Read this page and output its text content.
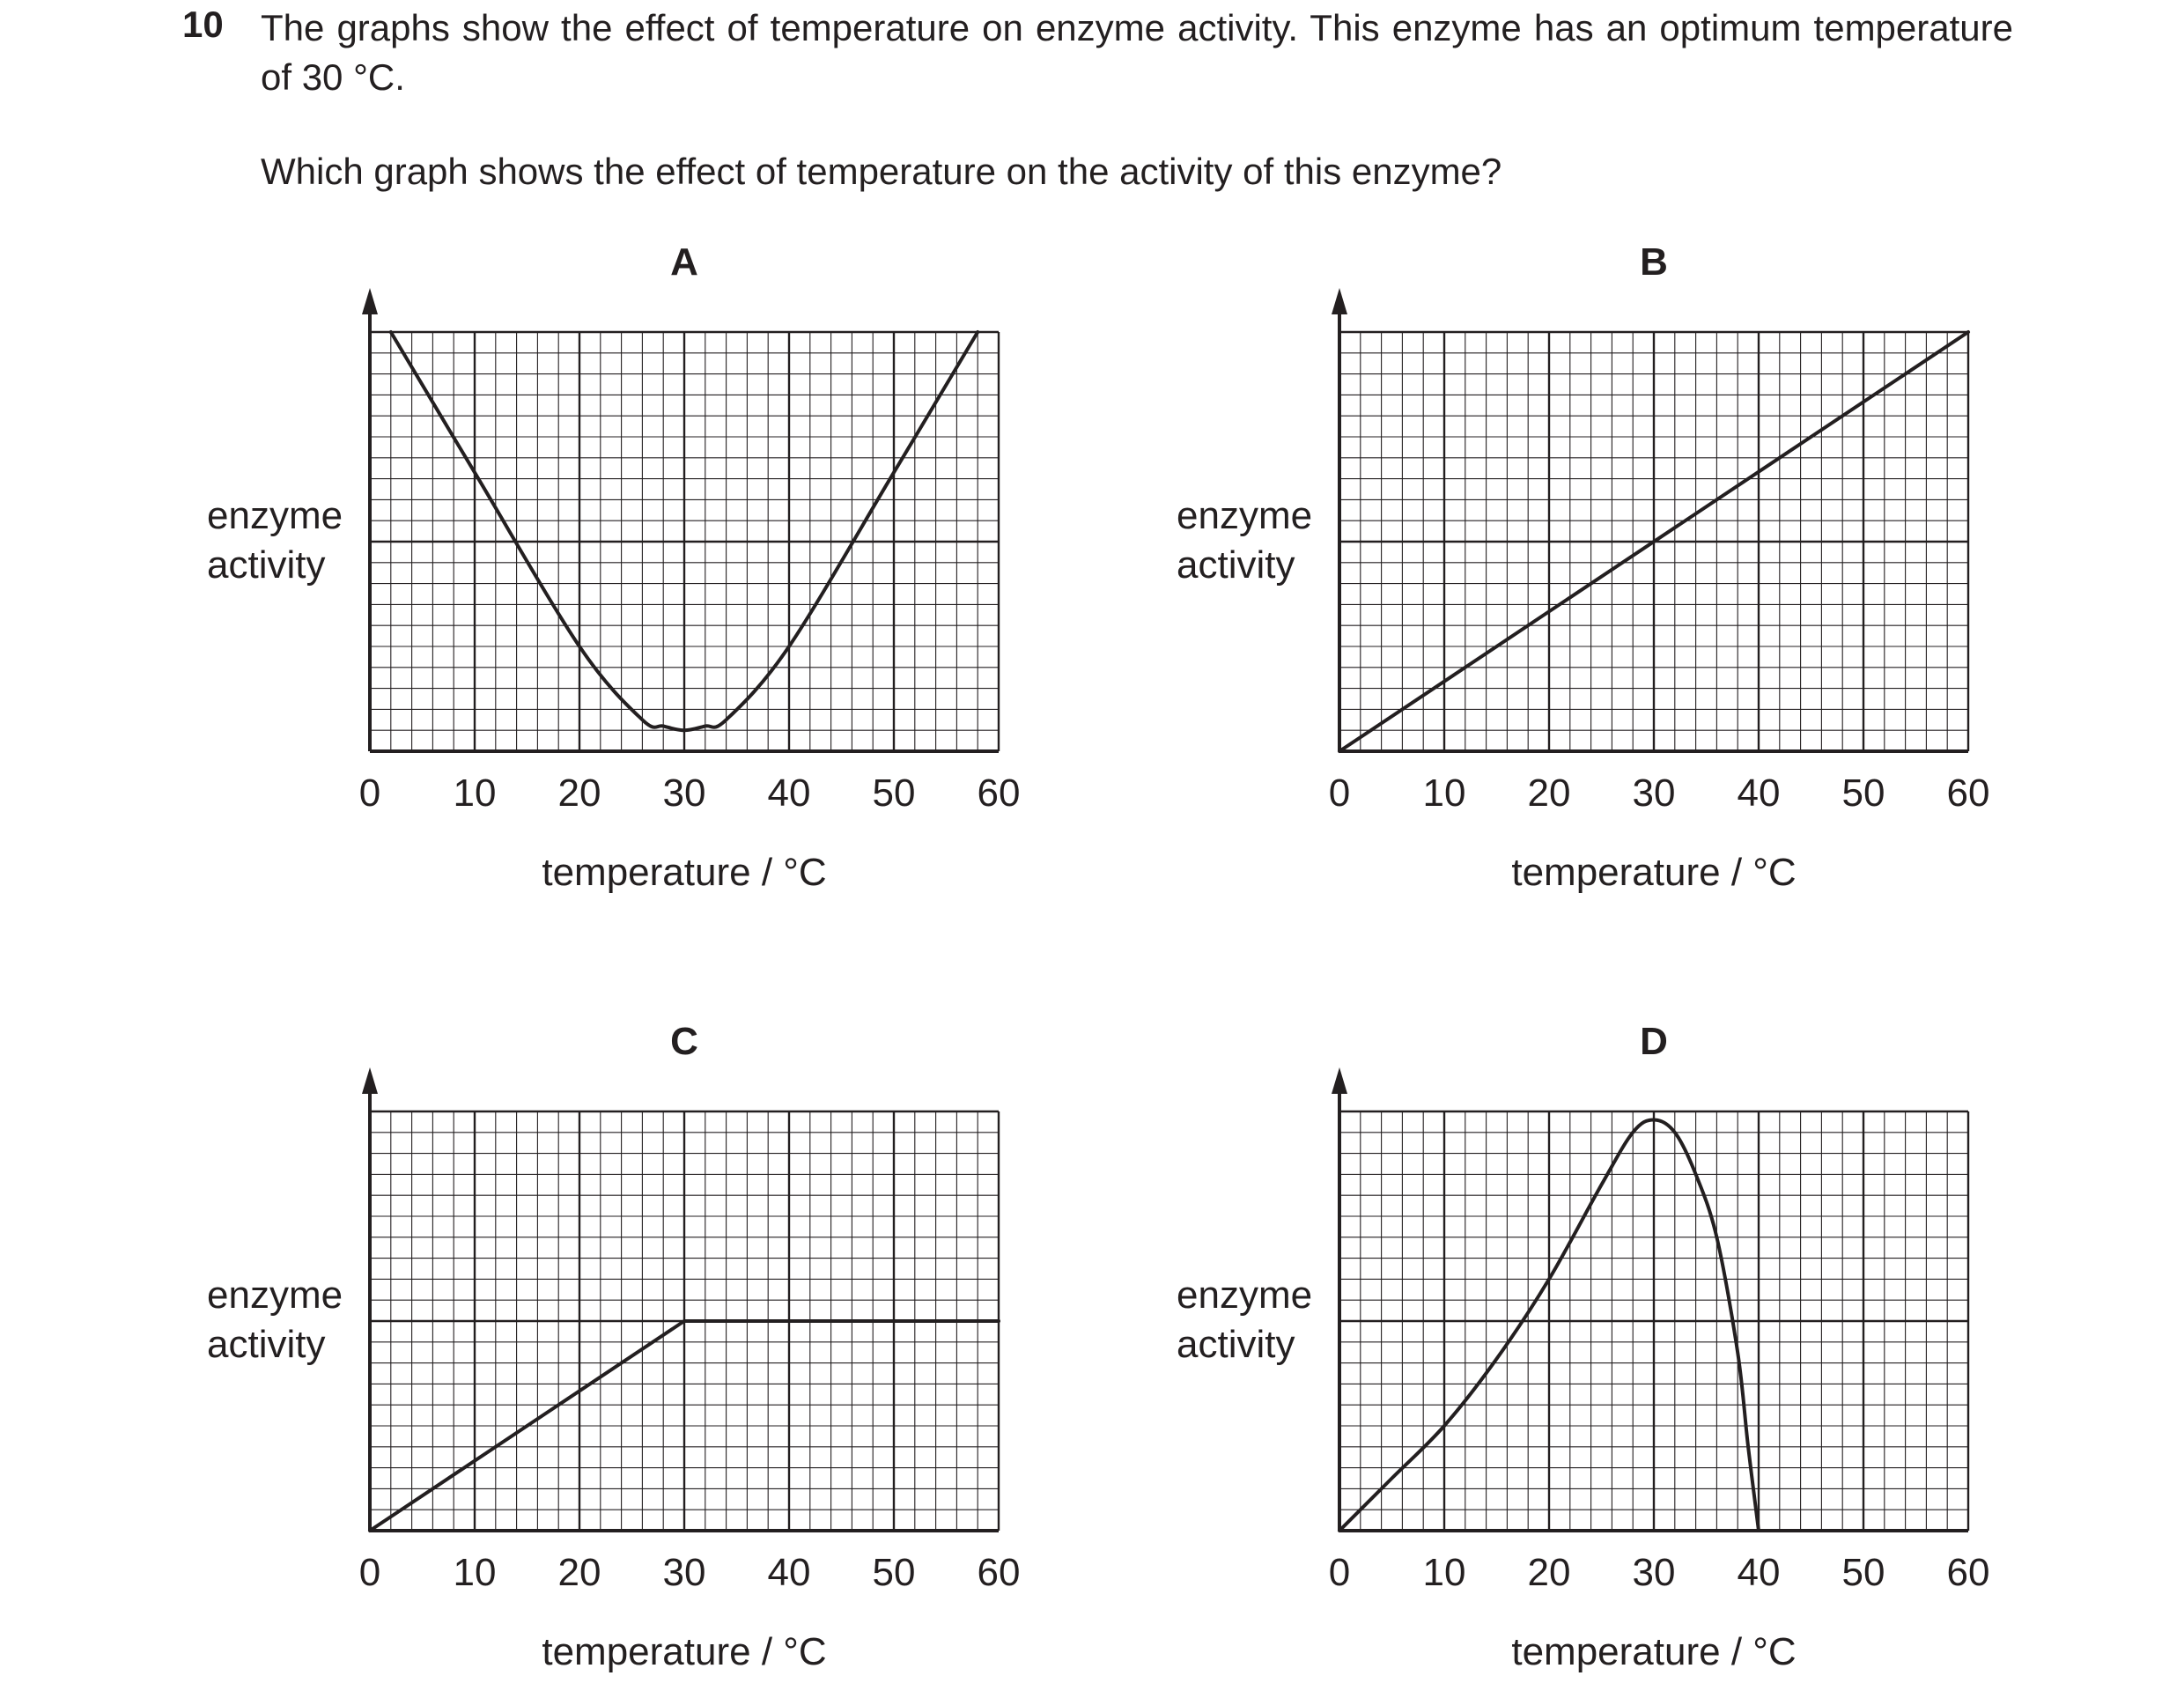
10 The graphs show the effect of temperature on enzyme activity. This enzyme has an optimum temperature of 30 °C.

Which graph shows the effect of temperature on the activity of this enzyme?

0 10 20 30 40 50 60
A
temperature / °C
enzyme activity
0 10 20 30 40 50 60
B
temperature / °C
enzyme activity
0 10 20 30 40 50 60
C
temperature / °C
enzyme activity
0 10 20 30 40 50 60
D
temperature / °C
enzyme activity
